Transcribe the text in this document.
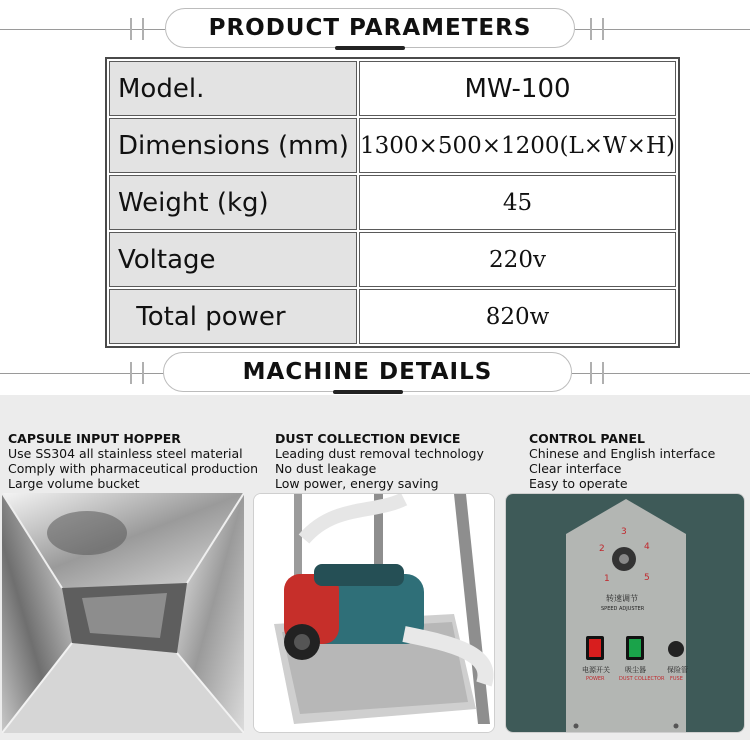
PRODUCT PARAMETERS
Model.	MW-100
Dimensions (mm)	1300×500×1200(L×W×H)
Weight (kg)	45
Voltage	220v
Total power	820w
MACHINE DETAILS
CAPSULE INPUT HOPPER
Use SS304 all stainless steel material
Comply with pharmaceutical production
Large volume bucket
DUST COLLECTION DEVICE
Leading dust removal technology
No dust leakage
Low power, energy saving
CONTROL PANEL
Chinese and English interface
Clear interface
Easy to operate
1
2
3
4
5
转速调节
SPEED ADJUSTER
电源开关
POWER
吸尘器
DUST COLLECTOR
保险管
FUSE
